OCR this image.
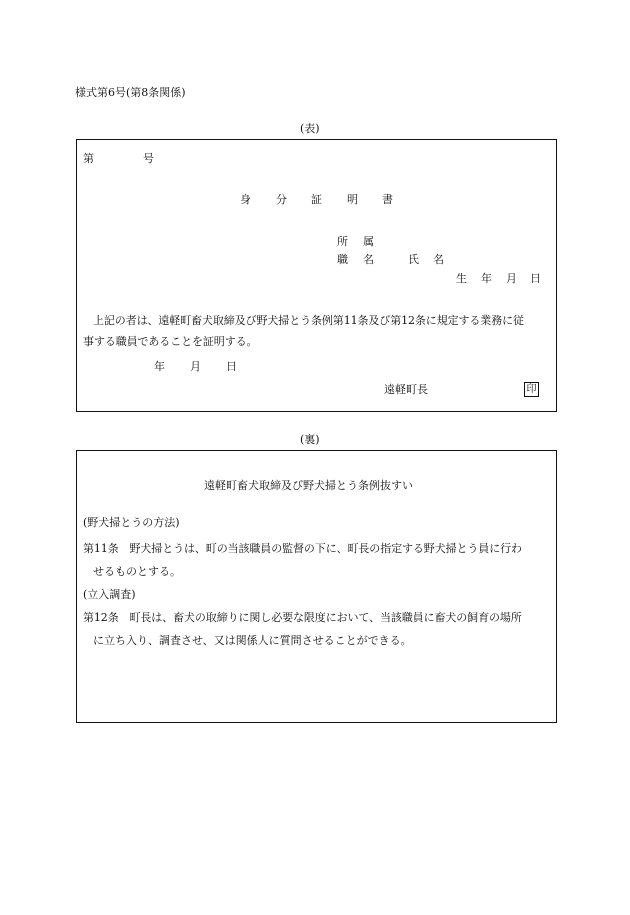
様式第6号(第8条関係)
(表)
第	号
身 分 証 明 書
所 属
職 名	氏 名
生 年 月 日
上記の者は、遠軽町畜犬取締及び野犬掃とう条例第11条及び第12条に規定する業務に従
事する職員であることを証明する。
年 月 日
遠軽町長	印
(裏)
遠軽町畜犬取締及び野犬掃とう条例抜すい
(野犬掃とうの方法)
第11条　野犬掃とうは、町の当該職員の監督の下に、町長の指定する野犬掃とう員に行わ
せるものとする。
(立入調査)
第12条　町長は、畜犬の取締りに関し必要な限度において、当該職員に畜犬の飼育の場所
に立ち入り、調査させ、又は関係人に質問させることができる。
